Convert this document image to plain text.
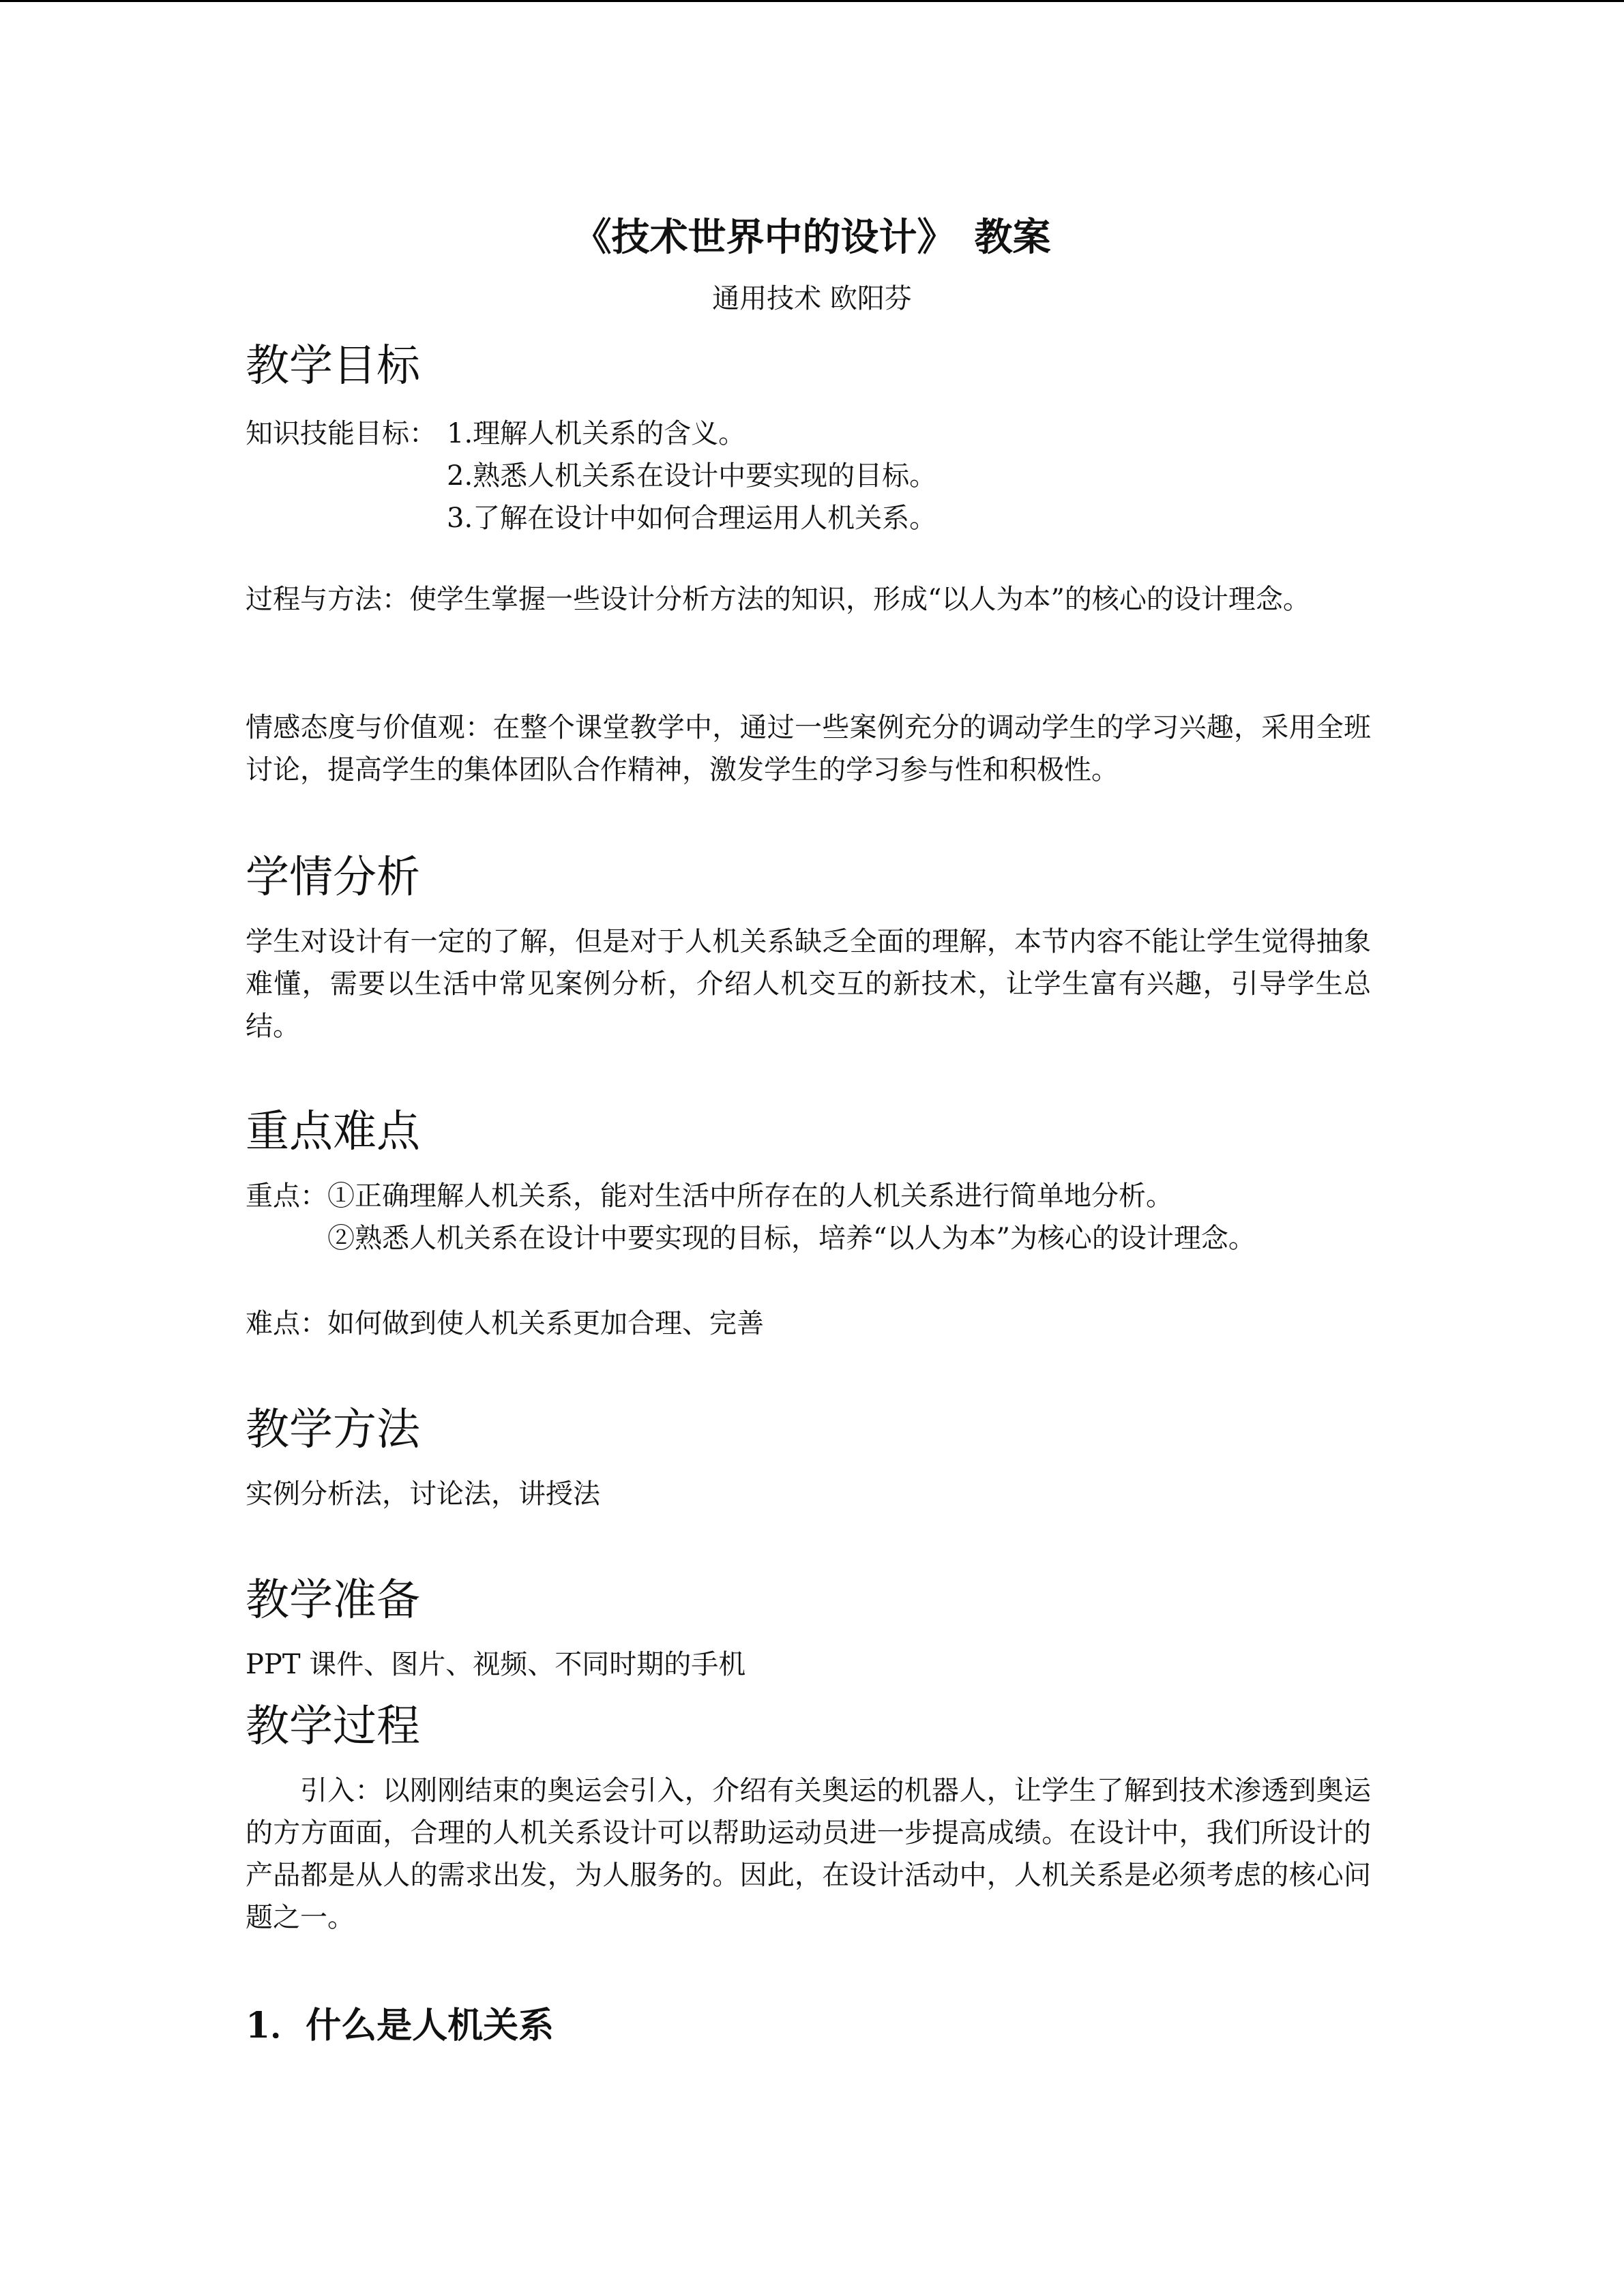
《技术世界中的设计》　教案
通用技术 欧阳芬
教学目标
知识技能目标： 1.理解人机关系的含义。
2.熟悉人机关系在设计中要实现的目标。
3.了解在设计中如何合理运用人机关系。
过程与方法：使学生掌握一些设计分析方法的知识，形成“以人为本”的核心的设计理念。
情感态度与价值观：在整个课堂教学中，通过一些案例充分的调动学生的学习兴趣，采用全班讨论，提高学生的集体团队合作精神，激发学生的学习参与性和积极性。
学情分析
学生对设计有一定的了解，但是对于人机关系缺乏全面的理解，本节内容不能让学生觉得抽象难懂，需要以生活中常见案例分析，介绍人机交互的新技术，让学生富有兴趣，引导学生总结。
重点难点
重点： ①正确理解人机关系，能对生活中所存在的人机关系进行简单地分析。
②熟悉人机关系在设计中要实现的目标，培养“以人为本”为核心的设计理念。
难点：如何做到使人机关系更加合理、完善
教学方法
实例分析法，讨论法，讲授法
教学准备
PPT 课件、图片、视频、不同时期的手机
教学过程
引入：以刚刚结束的奥运会引入，介绍有关奥运的机器人，让学生了解到技术渗透到奥运的方方面面，合理的人机关系设计可以帮助运动员进一步提高成绩。在设计中，我们所设计的产品都是从人的需求出发，为人服务的。因此，在设计活动中，人机关系是必须考虑的核心问题之一。
1．什么是人机关系
